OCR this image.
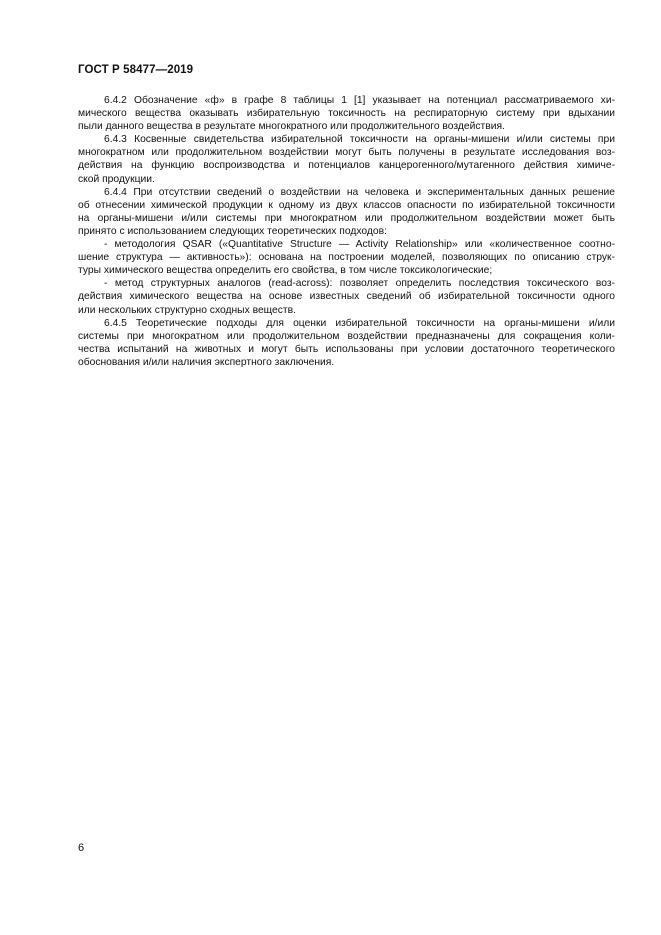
ГОСТ Р 58477—2019
6.4.2 Обозначение «ф» в графе 8 таблицы 1 [1] указывает на потенциал рассматриваемого хи-
мического вещества оказывать избирательную токсичность на респираторную систему при вдыхании
пыли данного вещества в результате многократного или продолжительного воздействия.
6.4.3 Косвенные свидетельства избирательной токсичности на органы-мишени и/или системы при
многократном или продолжительном воздействии могут быть получены в результате исследования воз-
действия на функцию воспроизводства и потенциалов канцерогенного/мутагенного действия химиче-
ской продукции.
6.4.4 При отсутствии сведений о воздействии на человека и экспериментальных данных решение
об отнесении химической продукции к одному из двух классов опасности по избирательной токсичности
на органы-мишени и/или системы при многократном или продолжительном воздействии может быть
принято с использованием следующих теоретических подходов:
- методология QSAR («Quantitative Structure — Activity Relationship» или «количественное соотно-
шение структура — активность»): основана на построении моделей, позволяющих по описанию струк-
туры химического вещества определить его свойства, в том числе токсикологические;
- метод структурных аналогов (read-across): позволяет определить последствия токсического воз-
действия химического вещества на основе известных сведений об избирательной токсичности одного
или нескольких структурно сходных веществ.
6.4.5 Теоретические подходы для оценки избирательной токсичности на органы-мишени и/или
системы при многократном или продолжительном воздействии предназначены для сокращения коли-
чества испытаний на животных и могут быть использованы при условии достаточного теоретического
обоснования и/или наличия экспертного заключения.
6
